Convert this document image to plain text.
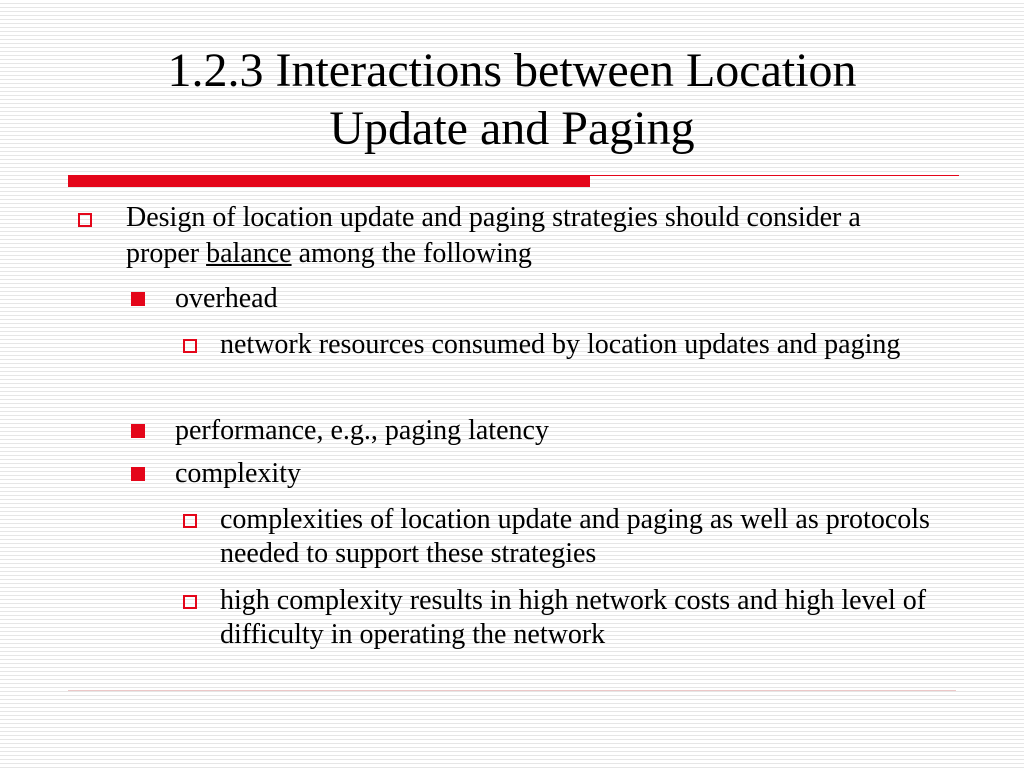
1.2.3 Interactions between Location
Update and Paging
Design of location update and paging strategies should consider a proper balance among the following
overhead
network resources consumed by location updates and paging
performance, e.g., paging latency
complexity
complexities of location update and paging as well as protocols needed to support these strategies
high complexity results in high network costs and high level of difficulty in operating the network
